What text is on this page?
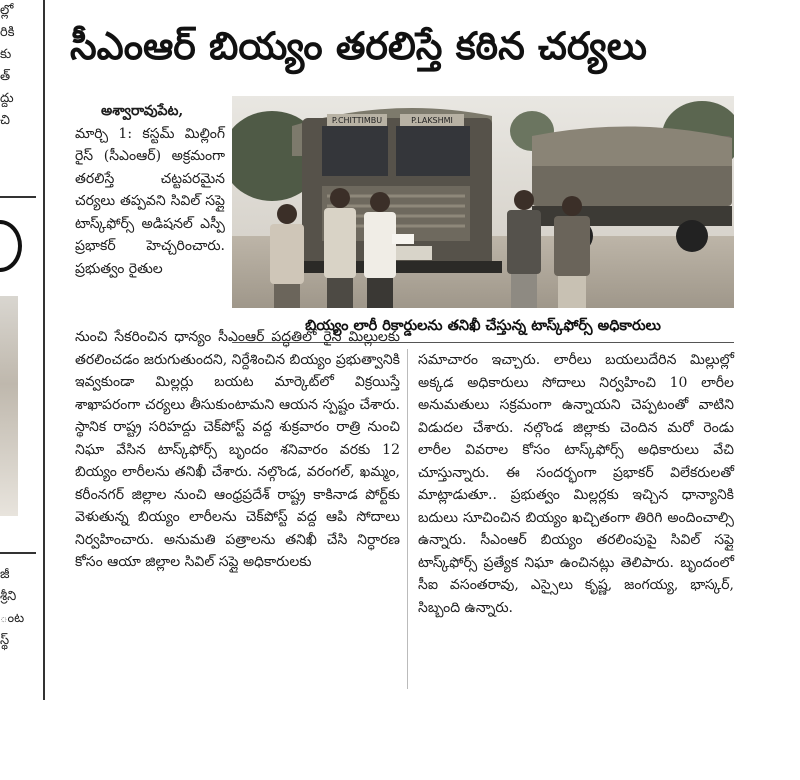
ల్లో
రికి
కు
త్
ద్దు
చి
జీ
శ్రీని
ంట
స్థ్
సీఎంఆర్ బియ్యం తరలిస్తే కఠిన చర్యలు
అశ్వారావుపేట,
మార్చి 1: కస్టమ్ మిల్లింగ్ రైస్ (సీఎంఆర్) అక్రమంగా తరలిస్తే చట్టపరమైన చర్యలు తప్పవని సివిల్ సప్లై టాస్క్‌ఫోర్స్ అడిషనల్ ఎస్పీ ప్రభాకర్ హెచ్చరించారు. ప్రభుత్వం రైతుల
P.CHITTIMBU	P.LAKSHMI
బియ్యం లారీ రికార్డులను తనిఖీ చేస్తున్న టాస్క్‌ఫోర్స్ అధికారులు
నుంచి సేకరించిన ధాన్యం సీఎంఆర్ పద్ధతిలో రైస్ మిల్లులకు తరలించడం జరుగుతుందని, నిర్దేశించిన బియ్యం ప్రభుత్వానికి ఇవ్వకుండా మిల్లర్లు బయట మార్కెట్‌లో విక్రయిస్తే శాఖాపరంగా చర్యలు తీసుకుంటామని ఆయన స్పష్టం చేశారు. స్థానిక రాష్ట్ర సరిహద్దు చెక్‌పోస్ట్ వద్ద శుక్రవారం రాత్రి నుంచి నిఘా వేసిన టాస్క్‌ఫోర్స్ బృందం శనివారం వరకు 12 బియ్యం లారీలను తనిఖీ చేశారు. నల్గొండ, వరంగల్, ఖమ్మం, కరీంనగర్ జిల్లాల నుంచి ఆంధ్రప్రదేశ్ రాష్ట్ర కాకినాడ పోర్ట్‌కు వెళుతున్న బియ్యం లారీలను చెక్‌పోస్ట్ వద్ద ఆపి సోదాలు నిర్వహించారు. అనుమతి పత్రాలను తనిఖీ చేసి నిర్ధారణ కోసం ఆయా జిల్లాల సివిల్ సప్లై అధికారులకు
సమాచారం ఇచ్చారు. లారీలు బయలుదేరిన మిల్లుల్లో అక్కడ అధికారులు సోదాలు నిర్వహించి 10 లారీల అనుమతులు సక్రమంగా ఉన్నాయని చెప్పటంతో వాటిని విడుదల చేశారు. నల్గొండ జిల్లాకు చెందిన మరో రెండు లారీల వివరాల కోసం టాస్క్‌ఫోర్స్ అధికారులు వేచి చూస్తున్నారు. ఈ సందర్భంగా ప్రభాకర్ విలేకరులతో మాట్లాడుతూ.. ప్రభుత్వం మిల్లర్లకు ఇచ్చిన ధాన్యానికి బదులు సూచించిన బియ్యం ఖచ్చితంగా తిరిగి అందించాల్సి ఉన్నారు. సీఎంఆర్ బియ్యం తరలింపుపై సివిల్ సప్లై టాస్క్‌ఫోర్స్ ప్రత్యేక నిఘా ఉంచినట్లు తెలిపారు. బృందంలో సీఐ వసంతరావు, ఎస్సైలు కృష్ణ, జంగయ్య, భాస్కర్, సిబ్బంది ఉన్నారు.
